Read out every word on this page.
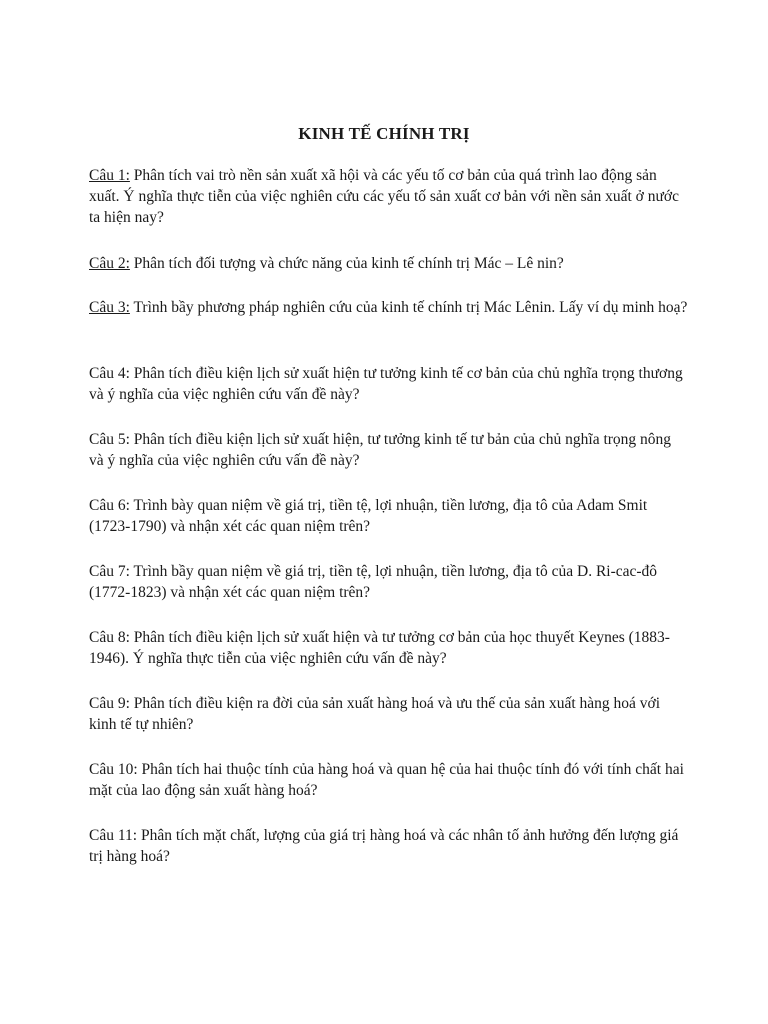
KINH TẾ CHÍNH TRỊ
Câu 1: Phân tích vai trò nền sản xuất xã hội và các yếu tố cơ bản của quá trình lao động sản xuất. Ý nghĩa thực tiễn của việc nghiên cứu các yếu tố sản xuất cơ bản với nền sản xuất ở nước ta hiện nay?
Câu 2: Phân tích đối tượng và chức năng của kinh tế chính trị Mác – Lê nin?
Câu 3: Trình bầy phương pháp nghiên cứu của kinh tế chính trị Mác Lênin. Lấy ví dụ minh hoạ?
Câu 4: Phân tích điều kiện lịch sử xuất hiện tư tưởng kinh tế cơ bản của chủ nghĩa trọng thương và ý nghĩa của việc nghiên cứu vấn đề này?
Câu 5: Phân tích điều kiện lịch sử xuất hiện, tư tưởng kinh tế tư bản của chủ nghĩa trọng nông và ý nghĩa của việc nghiên cứu vấn đề này?
Câu 6: Trình bày quan niệm về giá trị, tiền tệ, lợi nhuận, tiền lương, địa tô của Adam Smit (1723-1790) và nhận xét các quan niệm trên?
Câu 7: Trình bầy quan niệm về giá trị, tiền tệ, lợi nhuận, tiền lương, địa tô của D. Ri-cac-đô (1772-1823) và nhận xét các quan niệm trên?
Câu 8: Phân tích điều kiện lịch sử xuất hiện và tư tưởng cơ bản của học thuyết Keynes (1883-1946). Ý nghĩa thực tiễn của việc nghiên cứu vấn đề này?
Câu 9: Phân tích điều kiện ra đời của sản xuất hàng hoá và ưu thế của sản xuất hàng hoá với kinh tế tự nhiên?
Câu 10: Phân tích hai thuộc tính của hàng hoá và quan hệ của hai thuộc tính đó với tính chất hai mặt của lao động sản xuất hàng hoá?
Câu 11: Phân tích mặt chất, lượng của giá trị hàng hoá và các nhân tố ảnh hưởng đến lượng giá trị hàng hoá?
